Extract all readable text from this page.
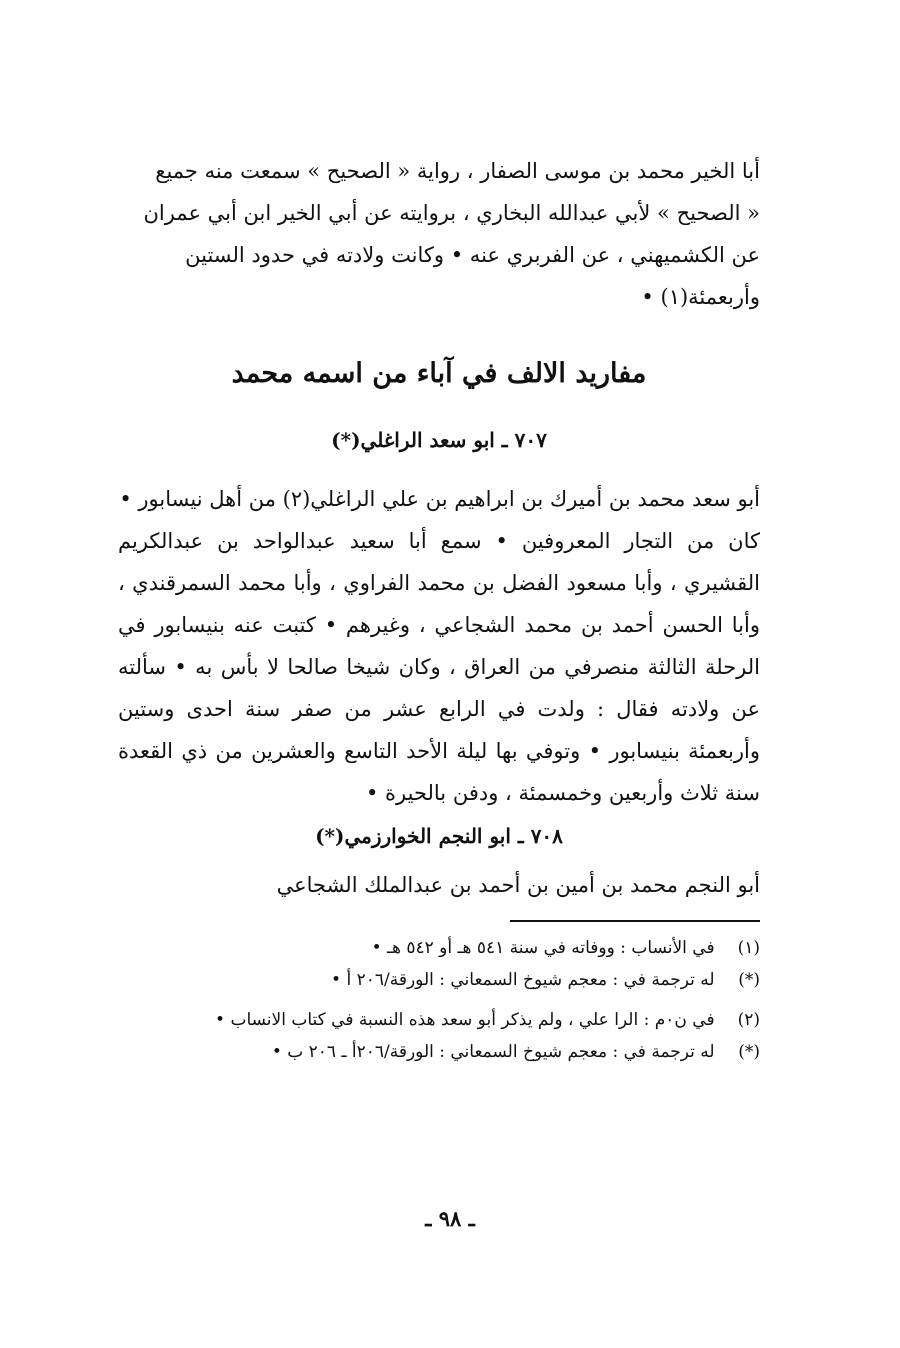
أبا الخير محمد بن موسى الصفار ، رواية « الصحيح » سمعت منه جميع

« الصحيح » لأبي عبدالله البخاري ، بروايته عن أبي الخير ابن أبي عمران

عن الكشميهني ، عن الفربري عنه • وكانت ولادته في حدود الستين

وأربعمئة(١) •

مفاريد الالف في آباء من اسمه محمد
٧٠٧ ـ ابو سعد الراغلي(*)

أبو سعد محمد بن أميرك بن ابراهيم بن علي الراغلي(٢) من أهل نيسابور •

كان من التجار المعروفين • سمع أبا سعيد عبدالواحد بن عبدالكريم القشيري ، وأبا مسعود الفضل بن محمد الفراوي ، وأبا محمد السمرقندي ، وأبا الحسن أحمد بن محمد الشجاعي ، وغيرهم • كتبت عنه بنيسابور في الرحلة الثالثة منصرفي من العراق ، وكان شيخا صالحا لا بأس به • سألته عن ولادته فقال : ولدت في الرابع عشر من صفر سنة احدى وستين وأربعمئة بنيسابور • وتوفي بها ليلة الأحد التاسع والعشرين من ذي القعدة سنة ثلاث وأربعين وخمسمئة ، ودفن بالحيرة •

٧٠٨ ـ ابو النجم الخوارزمي(*)

أبو النجم محمد بن أمين بن أحمد بن عبدالملك الشجاعي

(١) في الأنساب : ووفاته في سنة ٥٤١ هـ أو ٥٤٢ هـ •

(*) له ترجمة في : معجم شيوخ السمعاني : الورقة/٢٠٦ أ •

(٢) في ن٠م : الرا علي ، ولم يذكر أبو سعد هذه النسبة في كتاب الانساب •

(*) له ترجمة في : معجم شيوخ السمعاني : الورقة/٢٠٦أ ـ ٢٠٦ ب •

ـ ٩٨ ـ
